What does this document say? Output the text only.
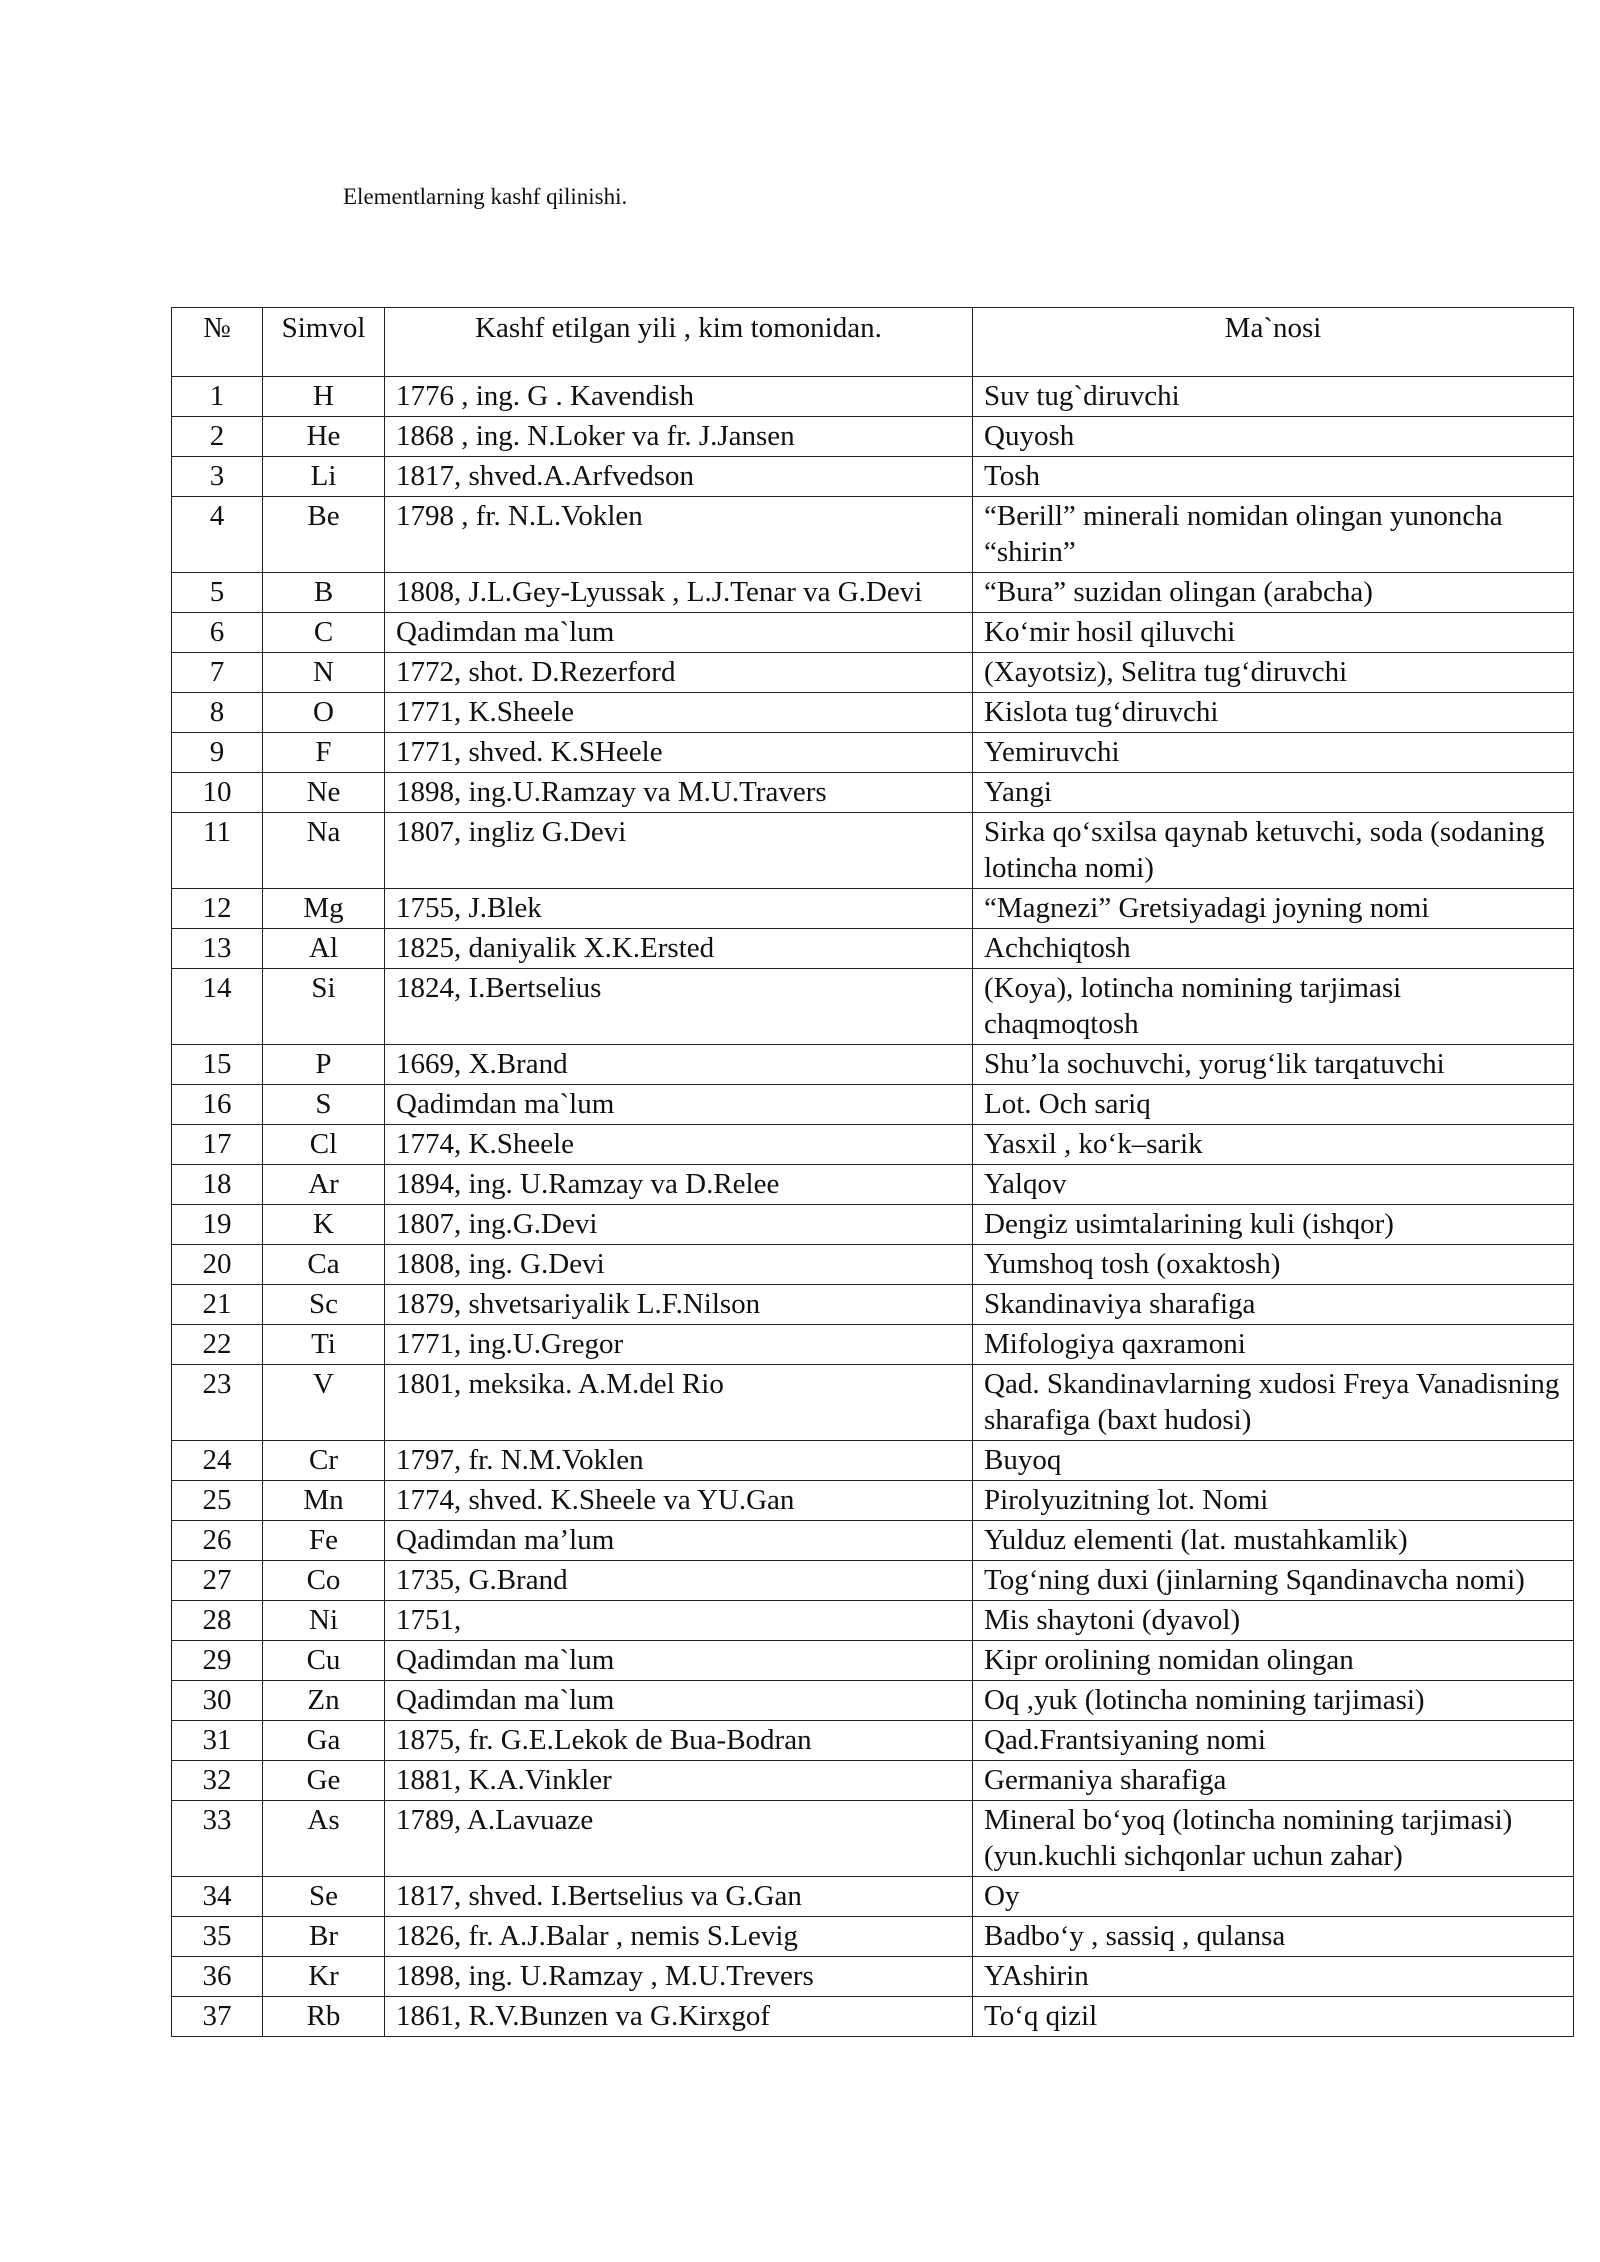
Elementlarning kashf qilinishi.
№	Simvol	Kashf etilgan yili , kim tomonidan.	Ma`nosi
1	H	1776 , ing. G . Kavendish	Suv tug`diruvchi
2	He	1868 , ing. N.Loker va fr. J.Jansen	Quyosh
3	Li	1817, shved.A.Arfvedson	Tosh
4	Be	1798 , fr. N.L.Voklen	“Berill” minerali nomidan olingan yunoncha “shirin”
5	B	1808, J.L.Gey-Lyussak , L.J.Tenar va G.Devi	“Bura” suzidan olingan (arabcha)
6	C	Qadimdan ma`lum	Ko‘mir hosil qiluvchi
7	N	1772, shot. D.Rezerford	(Xayotsiz), Selitra tug‘diruvchi
8	O	1771, K.Sheele	Kislota tug‘diruvchi
9	F	1771, shved. K.SHeele	Yemiruvchi
10	Ne	1898, ing.U.Ramzay va M.U.Travers	Yangi
11	Na	1807, ingliz G.Devi	Sirka qo‘sxilsa qaynab ketuvchi, soda (sodaning lotincha nomi)
12	Mg	1755, J.Blek	“Magnezi” Gretsiyadagi joyning nomi
13	Al	1825, daniyalik X.K.Ersted	Achchiqtosh
14	Si	1824, I.Bertselius	(Koya), lotincha nomining tarjimasi chaqmoqtosh
15	P	1669, X.Brand	Shu’la sochuvchi, yorug‘lik tarqatuvchi
16	S	Qadimdan ma`lum	Lot. Och sariq
17	Cl	1774, K.Sheele	Yasxil , ko‘k–sarik
18	Ar	1894, ing. U.Ramzay va D.Relee	Yalqov
19	K	1807, ing.G.Devi	Dengiz usimtalarining kuli (ishqor)
20	Ca	1808, ing. G.Devi	Yumshoq tosh (oxaktosh)
21	Sc	1879, shvetsariyalik L.F.Nilson	Skandinaviya sharafiga
22	Ti	1771, ing.U.Gregor	Mifologiya qaxramoni
23	V	1801, meksika. A.M.del Rio	Qad. Skandinavlarning xudosi Freya Vanadisning sharafiga (baxt hudosi)
24	Cr	1797, fr. N.M.Voklen	Buyoq
25	Mn	1774, shved. K.Sheele va YU.Gan	Pirolyuzitning lot. Nomi
26	Fe	Qadimdan ma’lum	Yulduz elementi (lat. mustahkamlik)
27	Co	1735, G.Brand	Tog‘ning duxi (jinlarning Sqandinavcha nomi)
28	Ni	1751,	Mis shaytoni (dyavol)
29	Cu	Qadimdan ma`lum	Kipr orolining nomidan olingan
30	Zn	Qadimdan ma`lum	Oq ,yuk (lotincha nomining tarjimasi)
31	Ga	1875, fr. G.E.Lekok de Bua-Bodran	Qad.Frantsiyaning nomi
32	Ge	1881, K.A.Vinkler	Germaniya sharafiga
33	As	1789, A.Lavuaze	Mineral bo‘yoq (lotincha nomining tarjimasi)(yun.kuchli sichqonlar uchun zahar)
34	Se	1817, shved. I.Bertselius va G.Gan	Oy
35	Br	1826, fr. A.J.Balar , nemis S.Levig	Badbo‘y , sassiq , qulansa
36	Kr	1898, ing. U.Ramzay , M.U.Trevers	YAshirin
37	Rb	1861, R.V.Bunzen va G.Kirxgof	To‘q qizil
